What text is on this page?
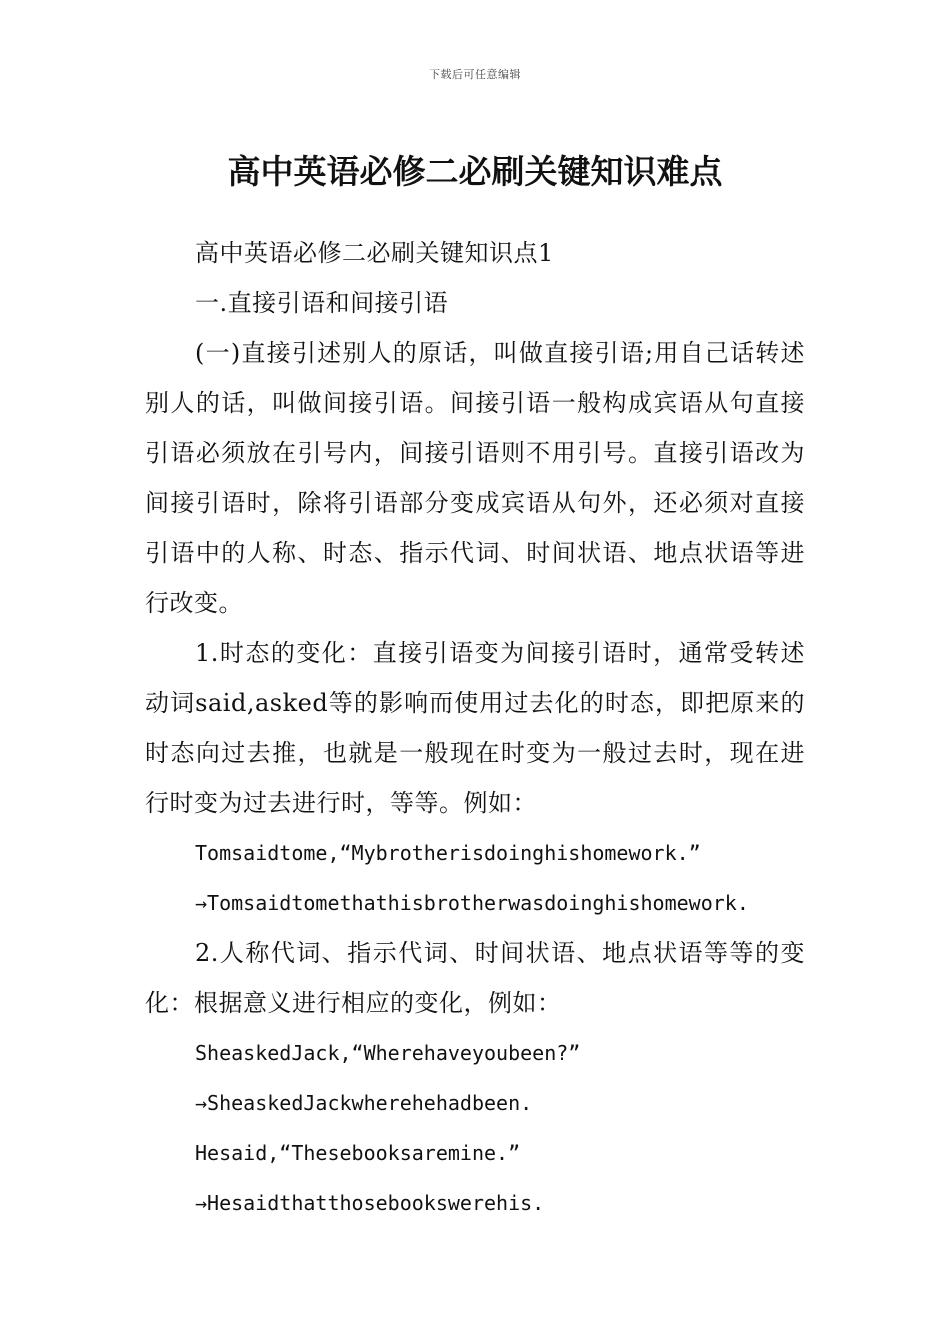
下载后可任意编辑
高中英语必修二必刷关键知识难点

高中英语必修二必刷关键知识点1

一.直接引语和间接引语

(一)直接引述别人的原话，叫做直接引语;用自己话转述别人的话，叫做间接引语。间接引语一般构成宾语从句直接引语必须放在引号内，间接引语则不用引号。直接引语改为间接引语时，除将引语部分变成宾语从句外，还必须对直接引语中的人称、时态、指示代词、时间状语、地点状语等进行改变。

1.时态的变化：直接引语变为间接引语时，通常受转述动词said,asked等的影响而使用过去化的时态，即把原来的时态向过去推，也就是一般现在时变为一般过去时，现在进行时变为过去进行时，等等。例如：

Tomsaidtome,“Mybrotherisdoinghishomework.”

→Tomsaidtomethathisbrotherwasdoinghishomework.

2.人称代词、指示代词、时间状语、地点状语等等的变化：根据意义进行相应的变化，例如：

SheaskedJack,“Wherehaveyoubeen?”

→SheaskedJackwherehehadbeen.

Hesaid,“Thesebooksaremine.”

→Hesaidthatthosebookswerehis.
